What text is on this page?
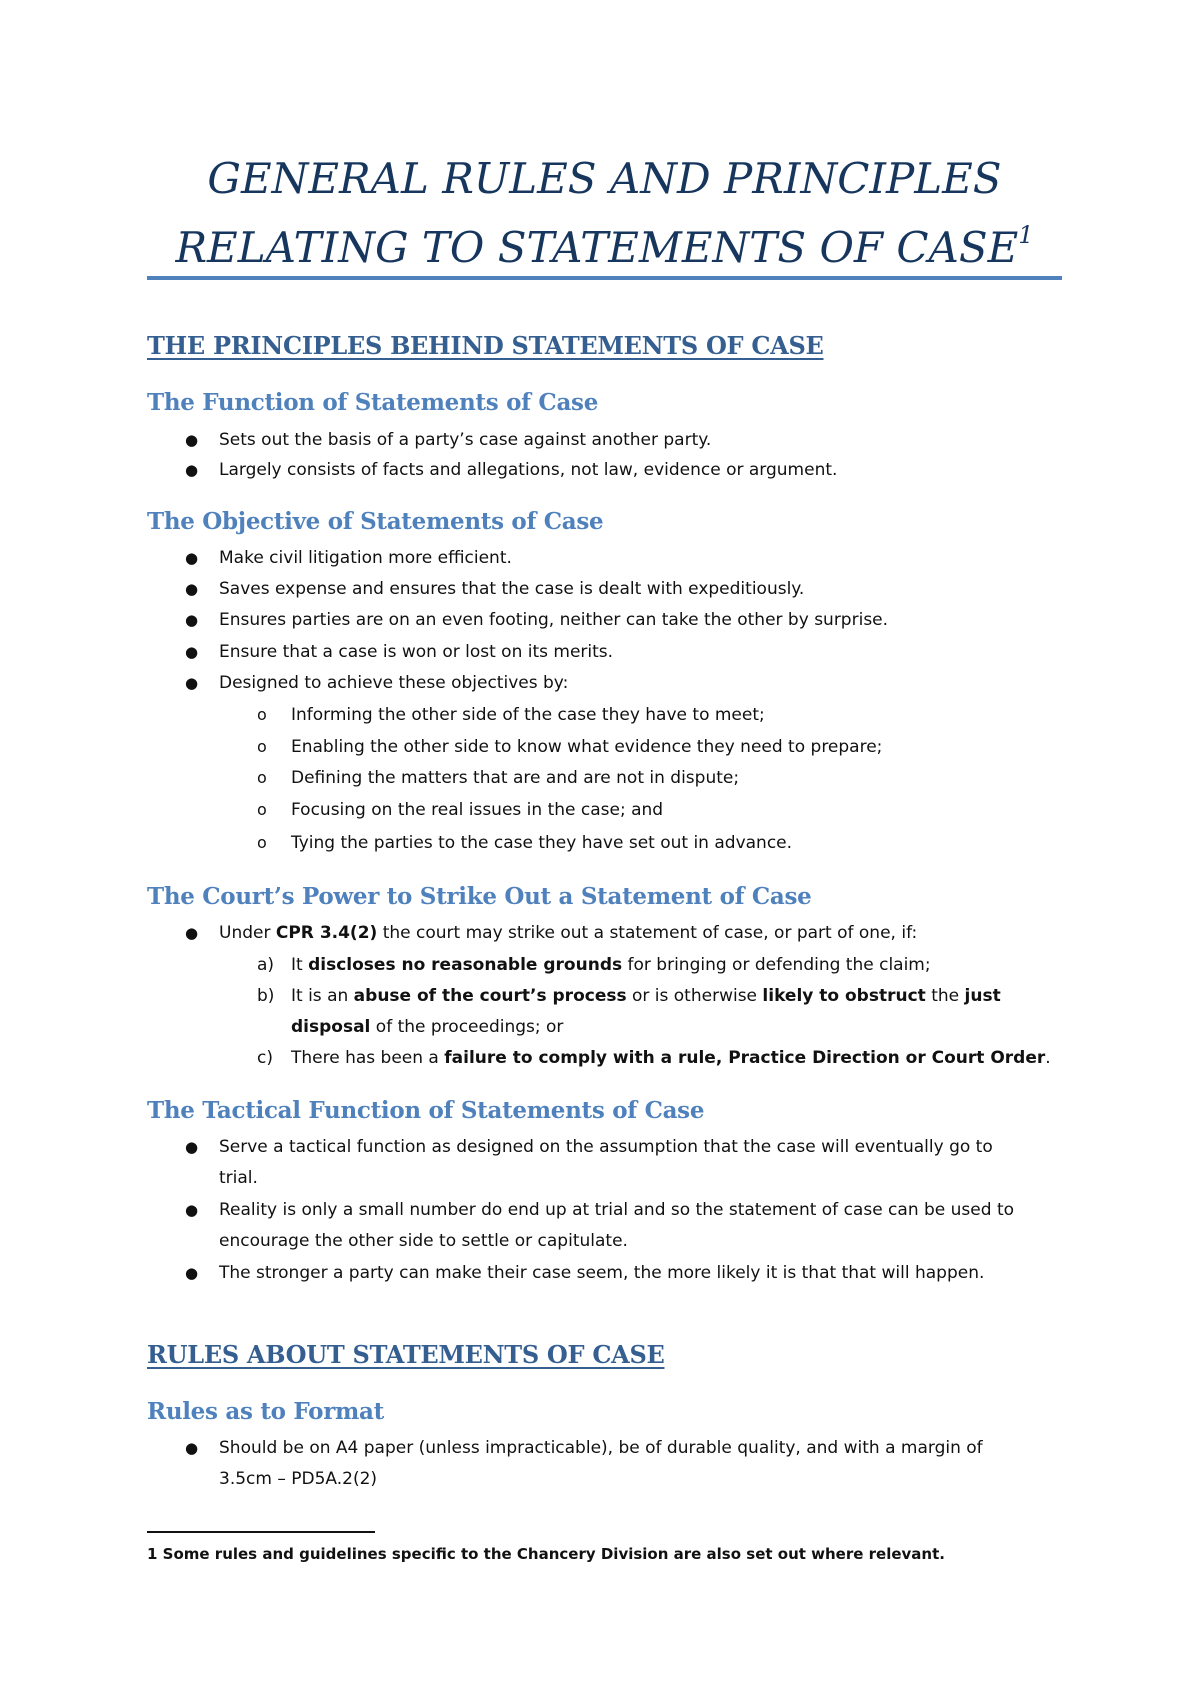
GENERAL RULES AND PRINCIPLES
RELATING TO STATEMENTS OF CASE$^1$
THE PRINCIPLES BEHIND STATEMENTS OF CASE
The Function of Statements of Case
● Sets out the basis of a party’s case against another party.

● Largely consists of facts and allegations, not law, evidence or argument.

The Objective of Statements of Case
● Make civil litigation more efficient.

● Saves expense and ensures that the case is dealt with expeditiously.

● Ensures parties are on an even footing, neither can take the other by surprise.

● Ensure that a case is won or lost on its merits.

● Designed to achieve these objectives by:

o Informing the other side of the case they have to meet;

o Enabling the other side to know what evidence they need to prepare;

o Defining the matters that are and are not in dispute;

o Focusing on the real issues in the case; and

o Tying the parties to the case they have set out in advance.

The Court’s Power to Strike Out a Statement of Case
● Under CPR 3.4(2) the court may strike out a statement of case, or part of one, if:

a) It discloses no reasonable grounds for bringing or defending the claim;

b) It is an abuse of the court’s process or is otherwise likely to obstruct the just

disposal of the proceedings; or

c) There has been a failure to comply with a rule, Practice Direction or Court Order.

The Tactical Function of Statements of Case
● Serve a tactical function as designed on the assumption that the case will eventually go to

trial.

● Reality is only a small number do end up at trial and so the statement of case can be used to

encourage the other side to settle or capitulate.

● The stronger a party can make their case seem, the more likely it is that that will happen.

RULES ABOUT STATEMENTS OF CASE
Rules as to Format
● Should be on A4 paper (unless impracticable), be of durable quality, and with a margin of

3.5cm – PD5A.2(2)

1 Some rules and guidelines specific to the Chancery Division are also set out where relevant.
